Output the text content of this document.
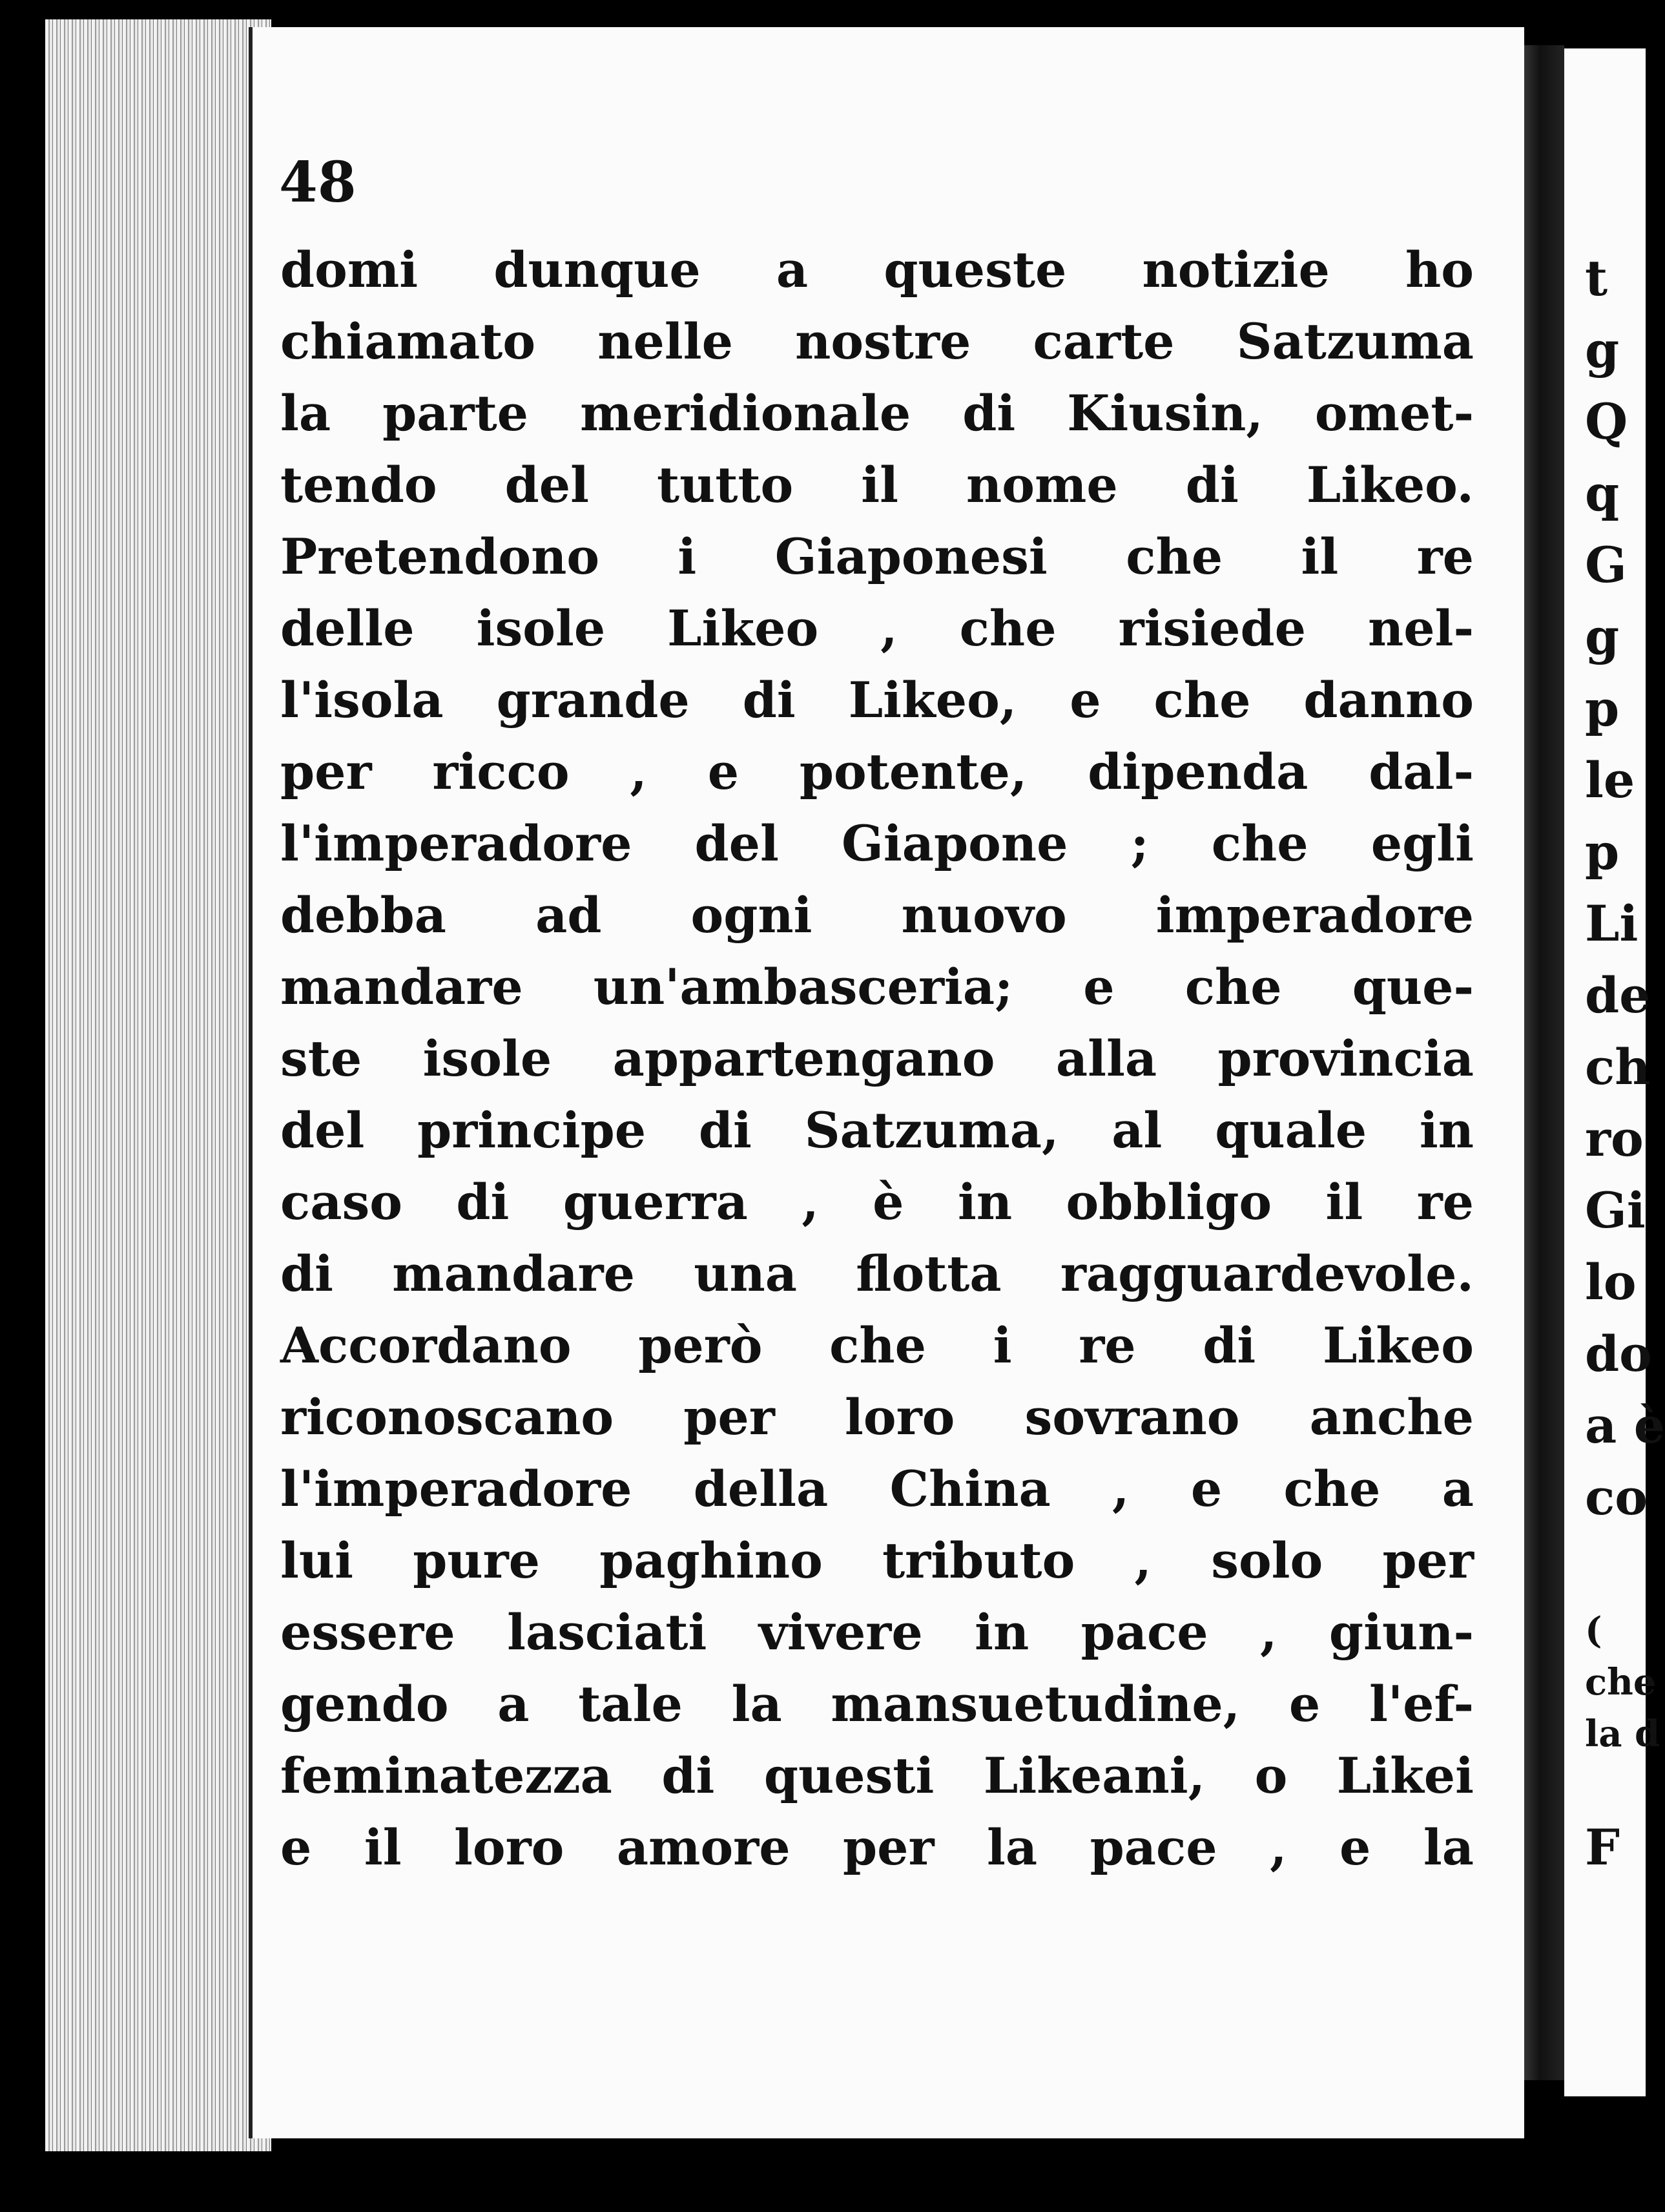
48
domi dunque a queste notizie ho
chiamato nelle nostre carte Satzuma
la parte meridionale di Kiusin, omet-
tendo del tutto il nome di Likeo.
Pretendono i Giaponesi che il re
delle isole Likeo , che risiede nel-
l'isola grande di Likeo, e che danno
per ricco , e potente, dipenda dal-
l'imperadore del Giapone ; che egli
debba ad ogni nuovo imperadore
mandare un'ambasceria; e che que-
ste isole appartengano alla provincia
del principe di Satzuma, al quale in
caso di guerra , è in obbligo il re
di mandare una flotta ragguardevole.
Accordano però che i re di Likeo
riconoscano per loro sovrano anche
l'imperadore della China , e che a
lui pure paghino tributo , solo per
essere lasciati vivere in pace , giun-
gendo a tale la mansuetudine, e l'ef-
feminatezza di questi Likeani, o Likei
e il loro amore per la pace , e la
t
g
Q
q
G
g
p
le
p
Li
de
ch
ro
Gi
lo
do
a è
co
(
che
la d
F
